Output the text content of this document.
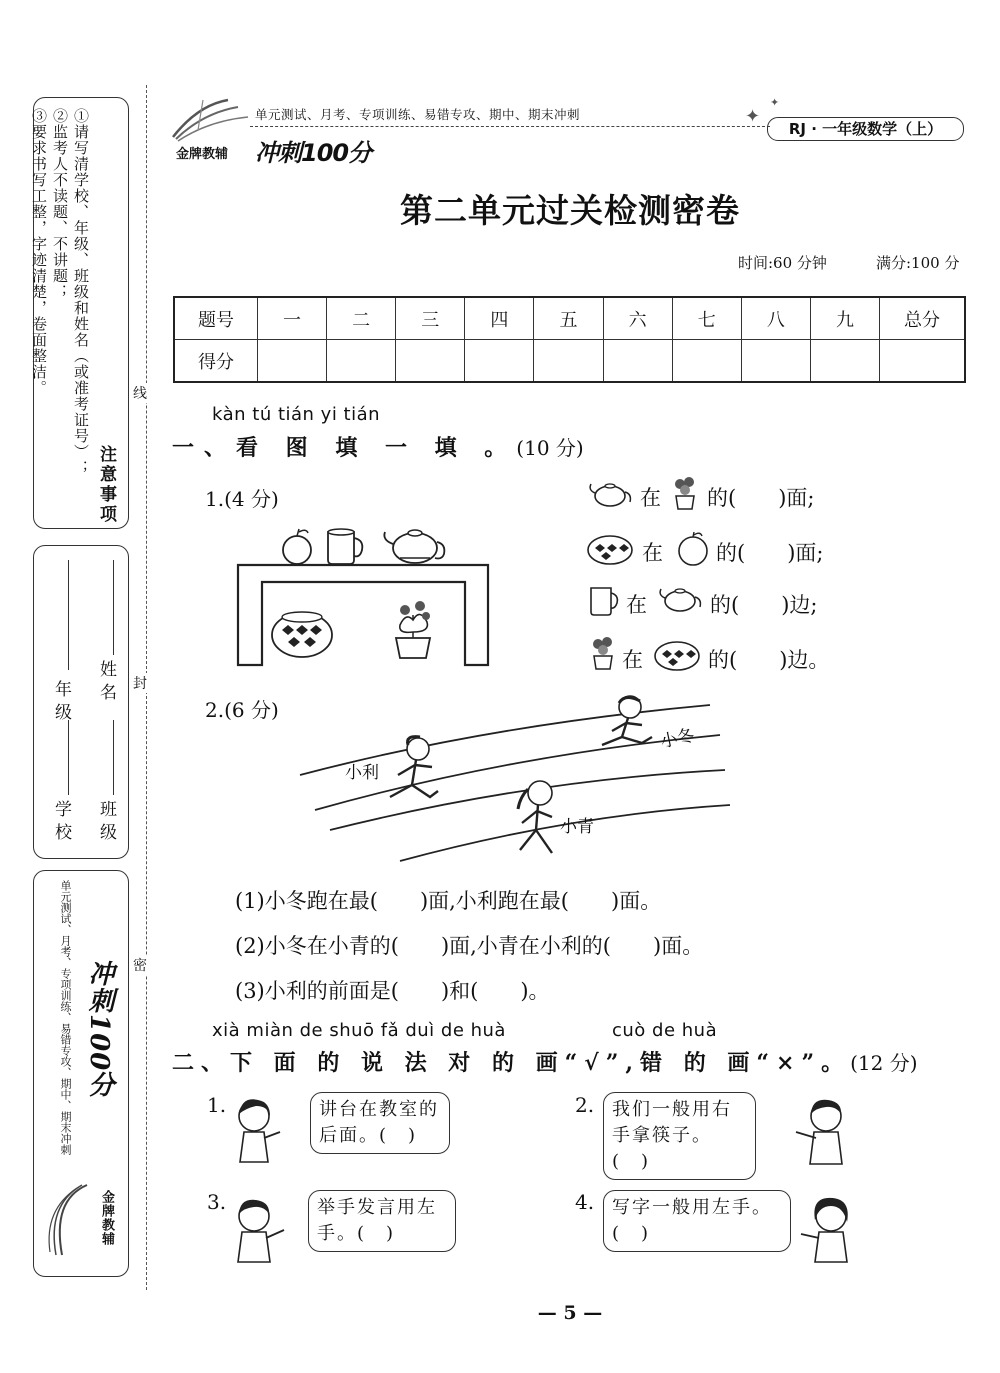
注意事项
①请写清学校、年级、班级和姓名（或准考证号）；
②监考人不读题、不讲题；
③要求书写工整，字迹清楚，卷面整洁。
年级
学校
姓名
班级
单元测试、月考、专项训练、易错专攻、期中、期末冲刺 冲刺100分
金牌教辅
线
封
密
金牌教辅
单元测试、月考、专项训练、易错专攻、期中、期末冲刺	✦
✦
RJ · 一年级数学（上）
冲刺100分
第二单元过关检测密卷
时间:60 分钟	满分:100 分
题号	一	二	三	四	五	六	七	八	九	总分
得分										
kàn tú tián yi tián
一、看 图 填 一 填 。(10 分)
1.(4 分)	在 的(　　)面;
在	的(　　)面;
在	的(　　)边;
在	的(　　)边。
2.(6 分)
小利
小冬
小青
(1)小冬跑在最(　　)面,小利跑在最(　　)面。
(2)小冬在小青的(　　)面,小青在小利的(　　)面。
(3)小利的前面是(　　)和(　　)。
xià miàn de shuō fǎ duì de huà	cuò de huà
二、下 面 的 说 法 对 的 画“√”,错 的 画“×”。(12 分)
1.	讲台在教室的后面。(　)
2. 我们一般用右手拿筷子。(　)
3.	举手发言用左手。(　)
4. 写字一般用左手。(　)
— 5 —
